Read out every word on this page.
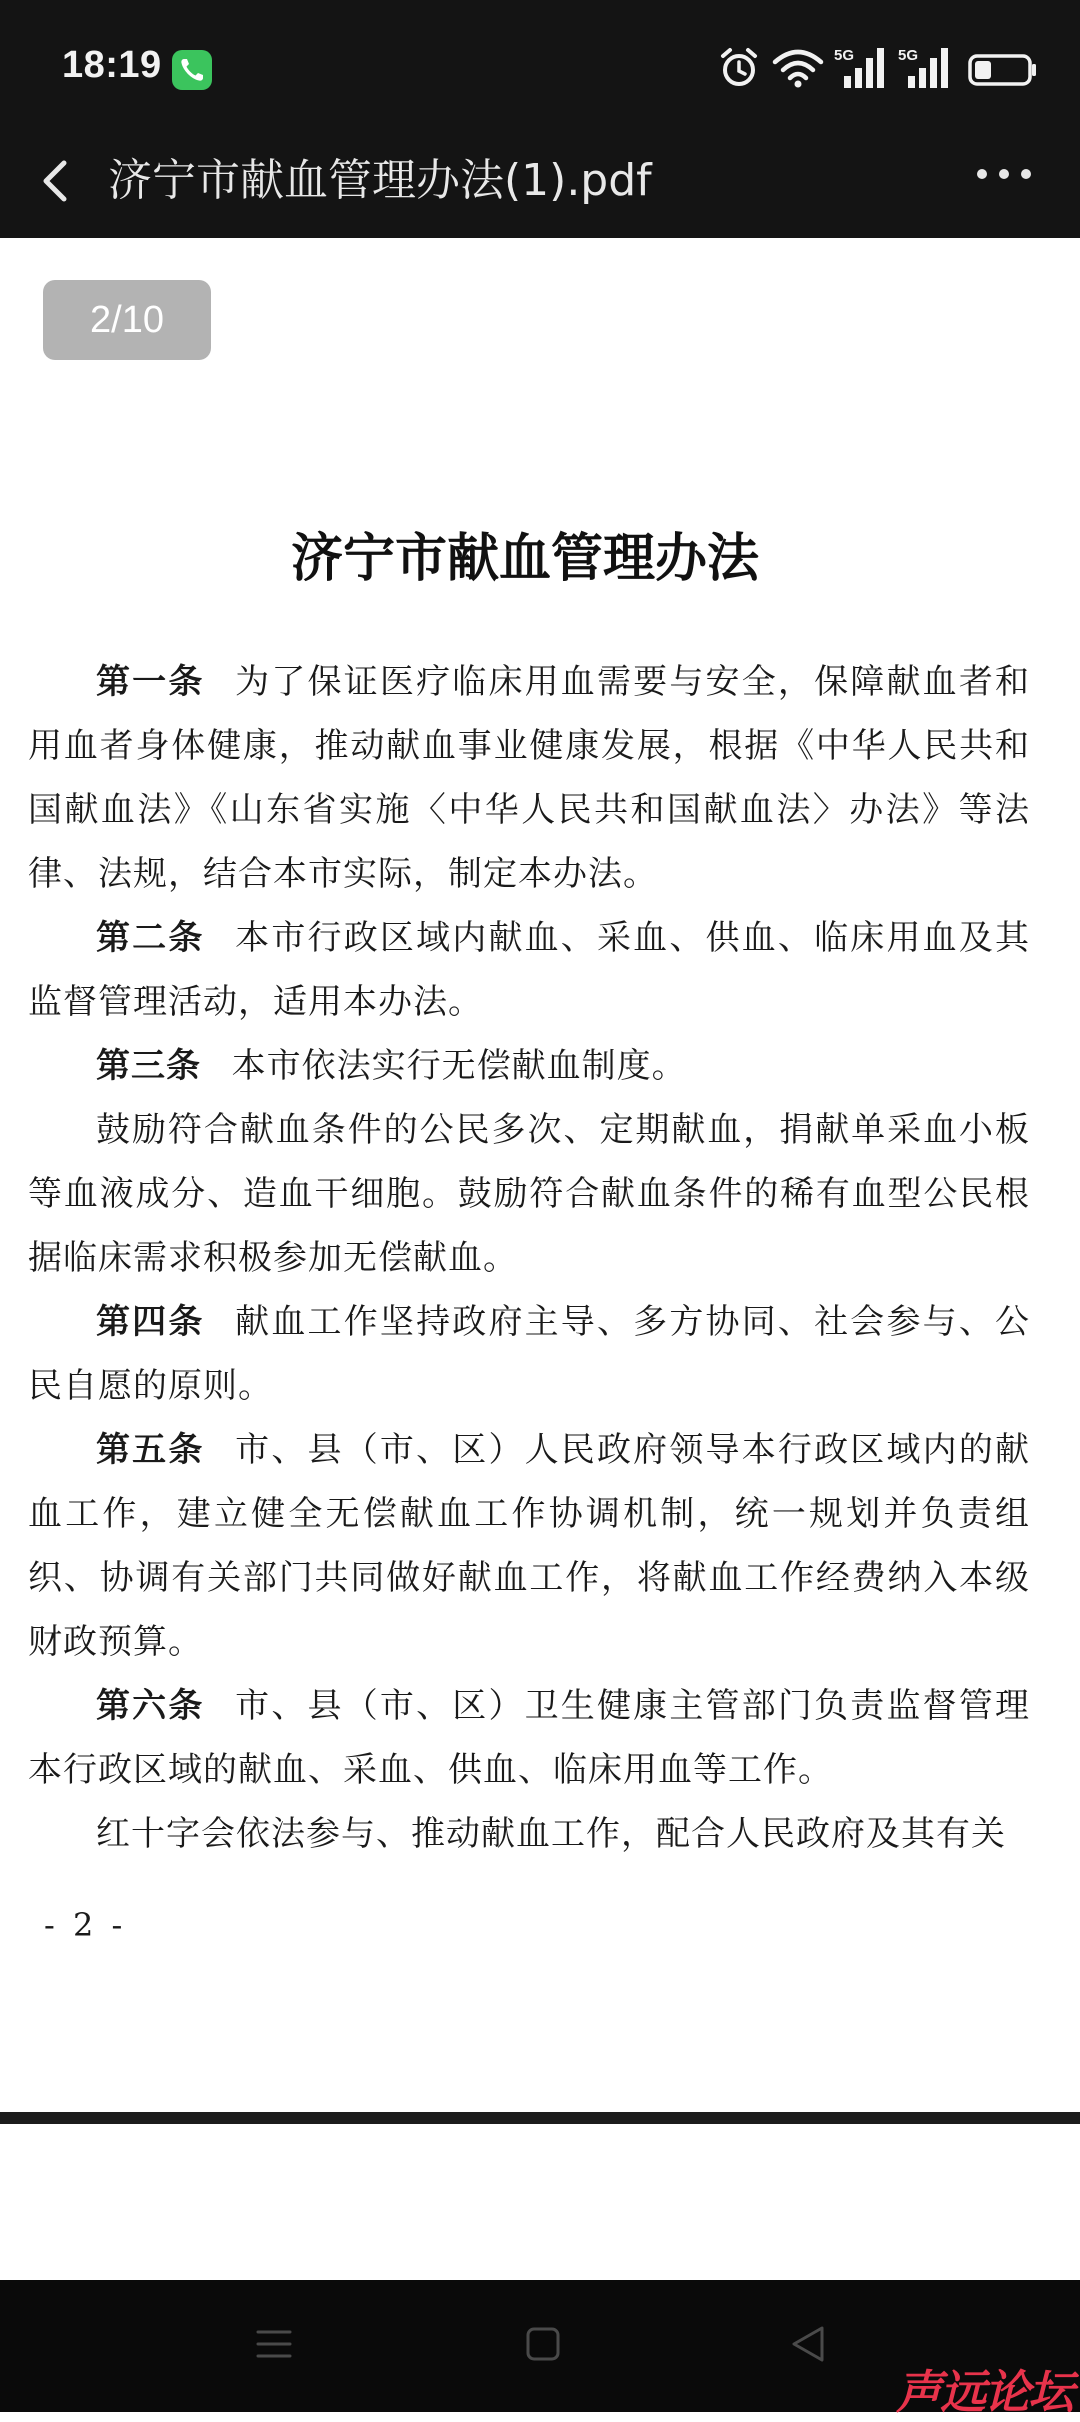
18:19	5G	5G
济宁市献血管理办法(1).pdf
2/10
济宁市献血管理办法

第一条 为了保证医疗临床用血需要与安全，保障献血者和用血者身体健康，推动献血事业健康发展，根据《中华人民共和国献血法》《山东省实施〈中华人民共和国献血法〉办法》等法律、法规，结合本市实际，制定本办法。

第二条 本市行政区域内献血、采血、供血、临床用血及其监督管理活动，适用本办法。

第三条 本市依法实行无偿献血制度。

鼓励符合献血条件的公民多次、定期献血，捐献单采血小板等血液成分、造血干细胞。鼓励符合献血条件的稀有血型公民根据临床需求积极参加无偿献血。

第四条 献血工作坚持政府主导、多方协同、社会参与、公民自愿的原则。

第五条 市、县（市、区）人民政府领导本行政区域内的献血工作，建立健全无偿献血工作协调机制，统一规划并负责组织、协调有关部门共同做好献血工作，将献血工作经费纳入本级财政预算。

第六条 市、县（市、区）卫生健康主管部门负责监督管理本行政区域的献血、采血、供血、临床用血等工作。

红十字会依法参与、推动献血工作，配合人民政府及其有关

- 2 -
声远论坛
